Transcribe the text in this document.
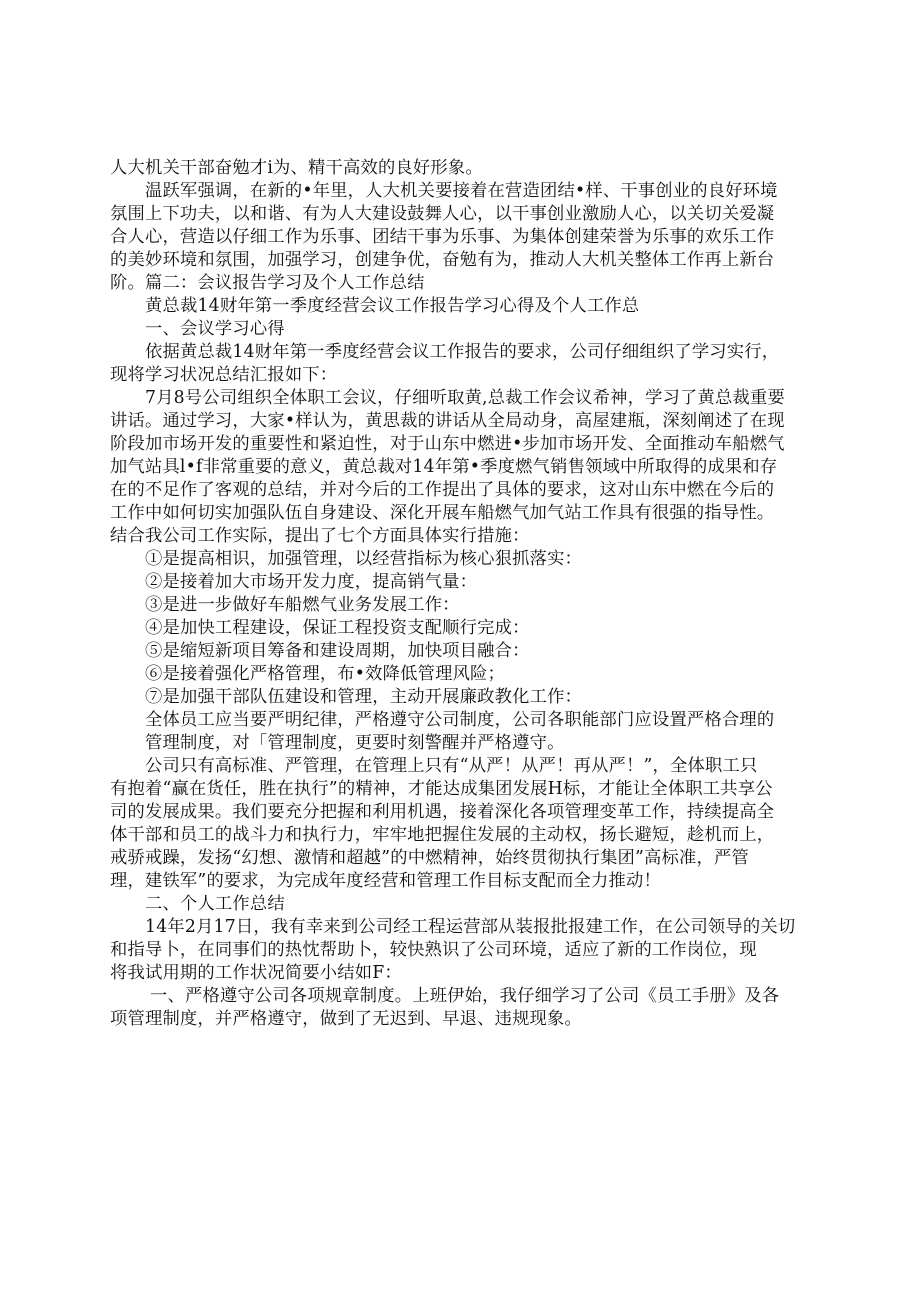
人大机关干部奋勉才i为、精干高效的良好形象。
温跃军强调，在新的•年里，人大机关要接着在营造团结•样、干事创业的良好环境
氛围上下功夫，以和谐、有为人大建设鼓舞人心，以干事创业激励人心，以关切关爱凝
合人心，营造以仔细工作为乐事、团结干事为乐事、为集体创建荣誉为乐事的欢乐工作
的美妙环境和氛围，加强学习，创建争优，奋勉有为，推动人大机关整体工作再上新台
阶。篇二：会议报告学习及个人工作总结
黄总裁14财年第一季度经营会议工作报告学习心得及个人工作总
一、会议学习心得
依据黄总裁14财年第一季度经营会议工作报告的要求，公司仔细组织了学习实行，
现将学习状况总结汇报如下：
7月8号公司组织全体职工会议，仔细听取黄,总裁工作会议希神，学习了黄总裁重要
讲话。通过学习，大家•样认为，黄思裁的讲话从全局动身，高屋建瓶，深刻阐述了在现
阶段加市场开发的重要性和紧迫性，对于山东中燃进•步加市场开发、全面推动车船燃气
加气站具l•f非常重要的意义，黄总裁对14年第•季度燃气销售领域中所取得的成果和存
在的不足作了客观的总结，并对今后的工作提出了具体的要求，这对山东中燃在今后的
工作中如何切实加强队伍自身建设、深化开展车船燃气加气站工作具有很强的指导性。
结合我公司工作实际，提出了七个方面具体实行措施：
①是提高相识，加强管理，以经营指标为核心狠抓落实：
②是接着加大市场开发力度，提高销气量：
③是进一步做好车船燃气业务发展工作：
④是加快工程建设，保证工程投资支配顺行完成：
⑤是缩短新项目筹备和建设周期，加快项目融合：
⑥是接着强化严格管理，布•效降低管理风险；
⑦是加强干部队伍建设和管理，主动开展廉政教化工作：
全体员工应当要严明纪律，严格遵守公司制度，公司各职能部门应设置严格合理的
管理制度，对「管理制度，更要时刻警醒并严格遵守。
公司只有高标准、严管理，在管理上只有“从严！从严！再从严！”，全体职工只
有抱着“赢在货任，胜在执行”的精神，才能达成集团发展H标，才能让全体职工共享公
司的发展成果。我们要充分把握和利用机遇，接着深化各项管理变革工作，持续提高全
体干部和员工的战斗力和执行力，牢牢地把握住发展的主动权，扬长避短，趁机而上，
戒骄戒躁，发扬“幻想、激情和超越”的中燃精神，始终贯彻执行集团”高标准，严管
理，建铁军”的要求，为完成年度经营和管理工作目标支配而全力推动！
二、个人工作总结
14年2月17日，我有幸来到公司经工程运营部从装报批报建工作，在公司领导的关切
和指导卜，在同事们的热忱帮助卜，较快熟识了公司环境，适应了新的工作岗位，现
将我试用期的工作状况简要小结如F：
一、严格遵守公司各项规章制度。上班伊始，我仔细学习了公司《员工手册》及各
项管理制度，并严格遵守，做到了无迟到、早退、违规现象。
